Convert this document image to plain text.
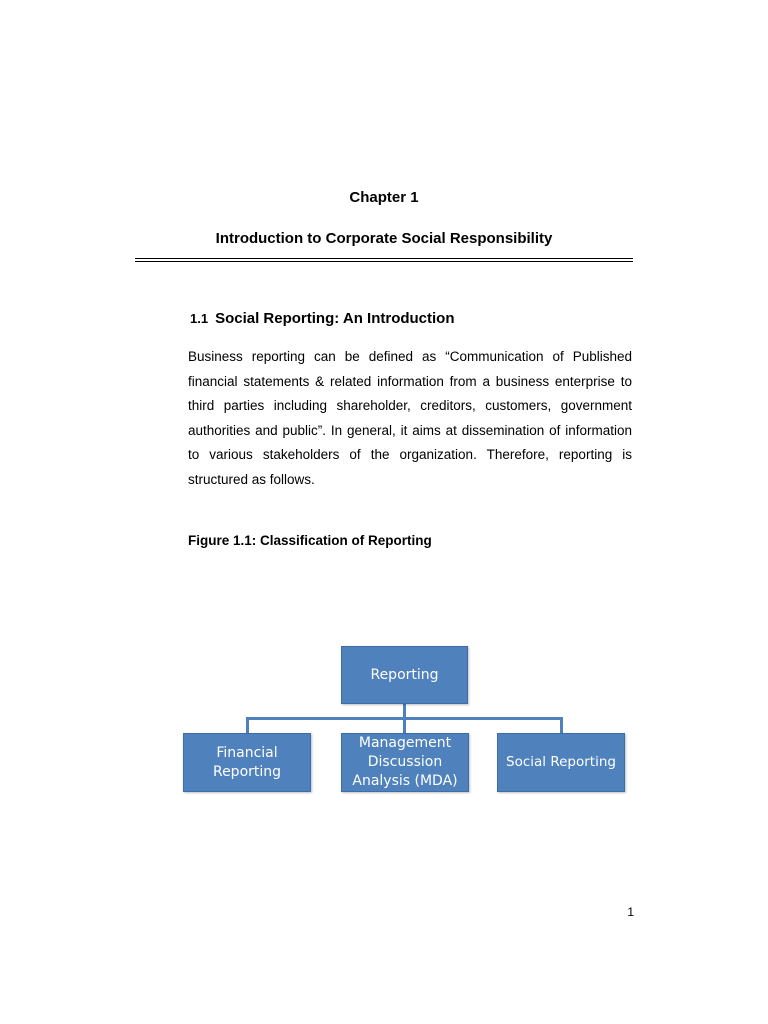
Chapter 1
Introduction to Corporate Social Responsibility
1.1 Social Reporting: An Introduction

Business reporting can be defined as “Communication of Published financial statements & related information from a business enterprise to third parties including shareholder, creditors, customers, government authorities and public”. In general, it aims at dissemination of information to various stakeholders of the organization. Therefore, reporting is structured as follows.

Figure 1.1: Classification of Reporting
Reporting
Financial
Reporting
Management
Discussion
Analysis (MDA)
Social Reporting
1
